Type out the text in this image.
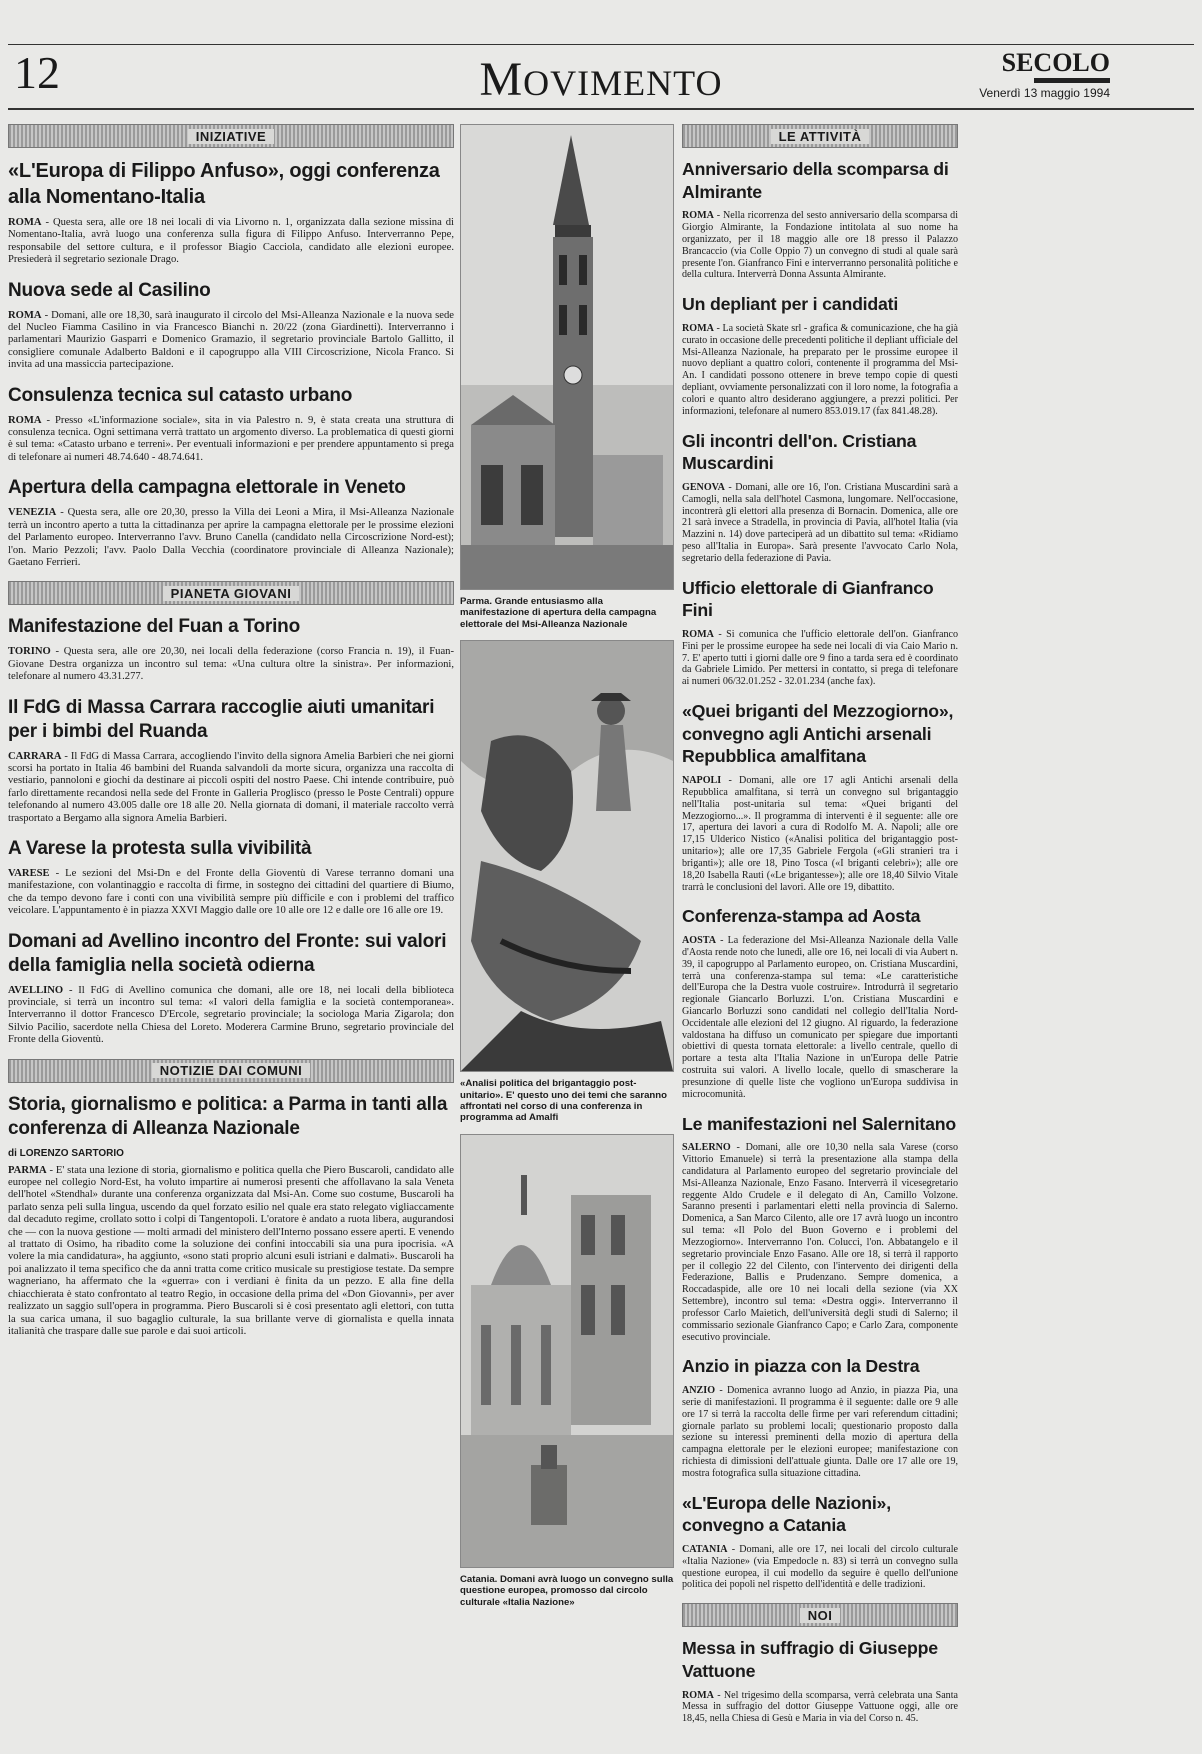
12	MOVIMENTO
SECOLO
Venerdì 13 maggio 1994
INIZIATIVE
«L'Europa di Filippo Anfuso», oggi conferenza alla Nomentano-Italia

ROMA - Questa sera, alle ore 18 nei locali di via Livorno n. 1, organizzata dalla sezione missina di Nomentano-Italia, avrà luogo una conferenza sulla figura di Filippo Anfuso. Interverranno Pepe, responsabile del settore cultura, e il professor Biagio Cacciola, candidato alle elezioni europee. Presiederà il segretario sezionale Drago.

Nuova sede al Casilino

ROMA - Domani, alle ore 18,30, sarà inaugurato il circolo del Msi-Alleanza Nazionale e la nuova sede del Nucleo Fiamma Casilino in via Francesco Bianchi n. 20/22 (zona Giardinetti). Interverranno i parlamentari Maurizio Gasparri e Domenico Gramazio, il segretario provinciale Bartolo Gallitto, il consigliere comunale Adalberto Baldoni e il capogruppo alla VIII Circoscrizione, Nicola Franco. Si invita ad una massiccia partecipazione.

Consulenza tecnica sul catasto urbano

ROMA - Presso «L'informazione sociale», sita in via Palestro n. 9, è stata creata una struttura di consulenza tecnica. Ogni settimana verrà trattato un argomento diverso. La problematica di questi giorni è sul tema: «Catasto urbano e terreni». Per eventuali informazioni e per prendere appuntamento si prega di telefonare ai numeri 48.74.640 - 48.74.641.

Apertura della campagna elettorale in Veneto

VENEZIA - Questa sera, alle ore 20,30, presso la Villa dei Leoni a Mira, il Msi-Alleanza Nazionale terrà un incontro aperto a tutta la cittadinanza per aprire la campagna elettorale per le prossime elezioni del Parlamento europeo. Interverranno l'avv. Bruno Canella (candidato nella Circoscrizione Nord-est); l'on. Mario Pezzoli; l'avv. Paolo Dalla Vecchia (coordinatore provinciale di Alleanza Nazionale); Gaetano Ferrieri.

PIANETA GIOVANI
Manifestazione del Fuan a Torino

TORINO - Questa sera, alle ore 20,30, nei locali della federazione (corso Francia n. 19), il Fuan-Giovane Destra organizza un incontro sul tema: «Una cultura oltre la sinistra». Per informazioni, telefonare al numero 43.31.277.

Il FdG di Massa Carrara raccoglie aiuti umanitari per i bimbi del Ruanda

CARRARA - Il FdG di Massa Carrara, accogliendo l'invito della signora Amelia Barbieri che nei giorni scorsi ha portato in Italia 46 bambini del Ruanda salvandoli da morte sicura, organizza una raccolta di vestiario, pannoloni e giochi da destinare ai piccoli ospiti del nostro Paese. Chi intende contribuire, può farlo direttamente recandosi nella sede del Fronte in Galleria Proglisco (presso le Poste Centrali) oppure telefonando al numero 43.005 dalle ore 18 alle 20. Nella giornata di domani, il materiale raccolto verrà trasportato a Bergamo alla signora Amelia Barbieri.

A Varese la protesta sulla vivibilità

VARESE - Le sezioni del Msi-Dn e del Fronte della Gioventù di Varese terranno domani una manifestazione, con volantinaggio e raccolta di firme, in sostegno dei cittadini del quartiere di Biumo, che da tempo devono fare i conti con una vivibilità sempre più difficile e con i problemi del traffico veicolare. L'appuntamento è in piazza XXVI Maggio dalle ore 10 alle ore 12 e dalle ore 16 alle ore 19.

Domani ad Avellino incontro del Fronte: sui valori della famiglia nella società odierna

AVELLINO - Il FdG di Avellino comunica che domani, alle ore 18, nei locali della biblioteca provinciale, si terrà un incontro sul tema: «I valori della famiglia e la società contemporanea». Interverranno il dottor Francesco D'Ercole, segretario provinciale; la sociologa Maria Zigarola; don Silvio Pacilio, sacerdote nella Chiesa del Loreto. Moderera Carmine Bruno, segretario provinciale del Fronte della Gioventù.

NOTIZIE DAI COMUNI
Storia, giornalismo e politica: a Parma in tanti alla conferenza di Alleanza Nazionale
di LORENZO SARTORIO

PARMA - E' stata una lezione di storia, giornalismo e politica quella che Piero Buscaroli, candidato alle europee nel collegio Nord-Est, ha voluto impartire ai numerosi presenti che affollavano la sala Veneta dell'hotel «Stendhal» durante una conferenza organizzata dal Msi-An. Come suo costume, Buscaroli ha parlato senza peli sulla lingua, uscendo da quel forzato esilio nel quale era stato relegato vigliaccamente dal decaduto regime, crollato sotto i colpi di Tangentopoli. L'oratore è andato a ruota libera, augurandosi che — con la nuova gestione — molti armadi del ministero dell'Interno possano essere aperti. E venendo al trattato di Osimo, ha ribadito come la soluzione dei confini intoccabili sia una pura ipocrisia. «A volere la mia candidatura», ha aggiunto, «sono stati proprio alcuni esuli istriani e dalmati». Buscaroli ha poi analizzato il tema specifico che da anni tratta come critico musicale su prestigiose testate. Da sempre wagneriano, ha affermato che la «guerra» con i verdiani è finita da un pezzo. E alla fine della chiacchierata è stato confrontato al teatro Regio, in occasione della prima del «Don Giovanni», per aver realizzato un saggio sull'opera in programma. Piero Buscaroli si è così presentato agli elettori, con tutta la sua carica umana, il suo bagaglio culturale, la sua brillante verve di giornalista e quella innata italianità che traspare dalle sue parole e dai suoi articoli.

Parma. Grande entusiasmo alla manifestazione di apertura della campagna elettorale del Msi-Alleanza Nazionale
«Analisi politica del brigantaggio post-unitario». E' questo uno dei temi che saranno affrontati nel corso di una conferenza in programma ad Amalfi
Catania. Domani avrà luogo un convegno sulla questione europea, promosso dal circolo culturale «Italia Nazione»
LE ATTIVITÀ
Anniversario della scomparsa di Almirante

ROMA - Nella ricorrenza del sesto anniversario della scomparsa di Giorgio Almirante, la Fondazione intitolata al suo nome ha organizzato, per il 18 maggio alle ore 18 presso il Palazzo Brancaccio (via Colle Oppio 7) un convegno di studi al quale sarà presente l'on. Gianfranco Fini e interverranno personalità politiche e della cultura. Interverrà Donna Assunta Almirante.

Un depliant per i candidati

ROMA - La società Skate srl - grafica & comunicazione, che ha già curato in occasione delle precedenti politiche il depliant ufficiale del Msi-Alleanza Nazionale, ha preparato per le prossime europee il nuovo depliant a quattro colori, contenente il programma del Msi-An. I candidati possono ottenere in breve tempo copie di questi depliant, ovviamente personalizzati con il loro nome, la fotografia a colori e quanto altro desiderano aggiungere, a prezzi politici. Per informazioni, telefonare al numero 853.019.17 (fax 841.48.28).

Gli incontri dell'on. Cristiana Muscardini

GENOVA - Domani, alle ore 16, l'on. Cristiana Muscardini sarà a Camogli, nella sala dell'hotel Casmona, lungomare. Nell'occasione, incontrerà gli elettori alla presenza di Bornacin. Domenica, alle ore 21 sarà invece a Stradella, in provincia di Pavia, all'hotel Italia (via Mazzini n. 14) dove parteciperà ad un dibattito sul tema: «Ridiamo peso all'Italia in Europa». Sarà presente l'avvocato Carlo Nola, segretario della federazione di Pavia.

Ufficio elettorale di Gianfranco Fini

ROMA - Si comunica che l'ufficio elettorale dell'on. Gianfranco Fini per le prossime europee ha sede nei locali di via Caio Mario n. 7. E' aperto tutti i giorni dalle ore 9 fino a tarda sera ed è coordinato da Gabriele Limido. Per mettersi in contatto, si prega di telefonare ai numeri 06/32.01.252 - 32.01.234 (anche fax).

«Quei briganti del Mezzogiorno», convegno agli Antichi arsenali Repubblica amalfitana

NAPOLI - Domani, alle ore 17 agli Antichi arsenali della Repubblica amalfitana, si terrà un convegno sul brigantaggio nell'Italia post-unitaria sul tema: «Quei briganti del Mezzogiorno...». Il programma di interventi è il seguente: alle ore 17, apertura dei lavori a cura di Rodolfo M. A. Napoli; alle ore 17,15 Ulderico Nistico («Analisi politica del brigantaggio post-unitario»); alle ore 17,35 Gabriele Fergola («Gli stranieri tra i briganti»); alle ore 18, Pino Tosca («I briganti celebri»); alle ore 18,20 Isabella Rauti («Le brigantesse»); alle ore 18,40 Silvio Vitale trarrà le conclusioni del lavori. Alle ore 19, dibattito.

Conferenza-stampa ad Aosta

AOSTA - La federazione del Msi-Alleanza Nazionale della Valle d'Aosta rende noto che lunedì, alle ore 16, nei locali di via Aubert n. 39, il capogruppo al Parlamento europeo, on. Cristiana Muscardini, terrà una conferenza-stampa sul tema: «Le caratteristiche dell'Europa che la Destra vuole costruire». Introdurrà il segretario regionale Giancarlo Borluzzi. L'on. Cristiana Muscardini e Giancarlo Borluzzi sono candidati nel collegio dell'Italia Nord-Occidentale alle elezioni del 12 giugno. Al riguardo, la federazione valdostana ha diffuso un comunicato per spiegare due importanti obiettivi di questa tornata elettorale: a livello centrale, quello di portare a testa alta l'Italia Nazione in un'Europa delle Patrie costruita sui valori. A livello locale, quello di smascherare la presunzione di quelle liste che vogliono un'Europa suddivisa in microcomunità.

Le manifestazioni nel Salernitano

SALERNO - Domani, alle ore 10,30 nella sala Varese (corso Vittorio Emanuele) si terrà la presentazione alla stampa della candidatura al Parlamento europeo del segretario provinciale del Msi-Alleanza Nazionale, Enzo Fasano. Interverrà il vicesegretario reggente Aldo Crudele e il delegato di An, Camillo Volzone. Saranno presenti i parlamentari eletti nella provincia di Salerno. Domenica, a San Marco Cilento, alle ore 17 avrà luogo un incontro sul tema: «Il Polo del Buon Governo e i problemi del Mezzogiorno». Interverranno l'on. Colucci, l'on. Abbatangelo e il segretario provinciale Enzo Fasano. Alle ore 18, si terrà il rapporto per il collegio 22 del Cilento, con l'intervento dei dirigenti della Federazione, Ballis e Prudenzano. Sempre domenica, a Roccadaspide, alle ore 10 nei locali della sezione (via XX Settembre), incontro sul tema: «Destra oggi». Interverranno il professor Carlo Maietich, dell'università degli studi di Salerno; il commissario sezionale Gianfranco Capo; e Carlo Zara, componente esecutivo provinciale.

Anzio in piazza con la Destra

ANZIO - Domenica avranno luogo ad Anzio, in piazza Pia, una serie di manifestazioni. Il programma è il seguente: dalle ore 9 alle ore 17 si terrà la raccolta delle firme per vari referendum cittadini; giornale parlato su problemi locali; questionario proposto dalla sezione su interessi preminenti della mozio di apertura della campagna elettorale per le elezioni europee; manifestazione con richiesta di dimissioni dell'attuale giunta. Dalle ore 17 alle ore 19, mostra fotografica sulla situazione cittadina.

«L'Europa delle Nazioni», convegno a Catania

CATANIA - Domani, alle ore 17, nei locali del circolo culturale «Italia Nazione» (via Empedocle n. 83) si terrà un convegno sulla questione europea, il cui modello da seguire è quello dell'unione politica dei popoli nel rispetto dell'identità e delle tradizioni.

NOI
Messa in suffragio di Giuseppe Vattuone

ROMA - Nel trigesimo della scomparsa, verrà celebrata una Santa Messa in suffragio del dottor Giuseppe Vattuone oggi, alle ore 18,45, nella Chiesa di Gesù e Maria in via del Corso n. 45.
